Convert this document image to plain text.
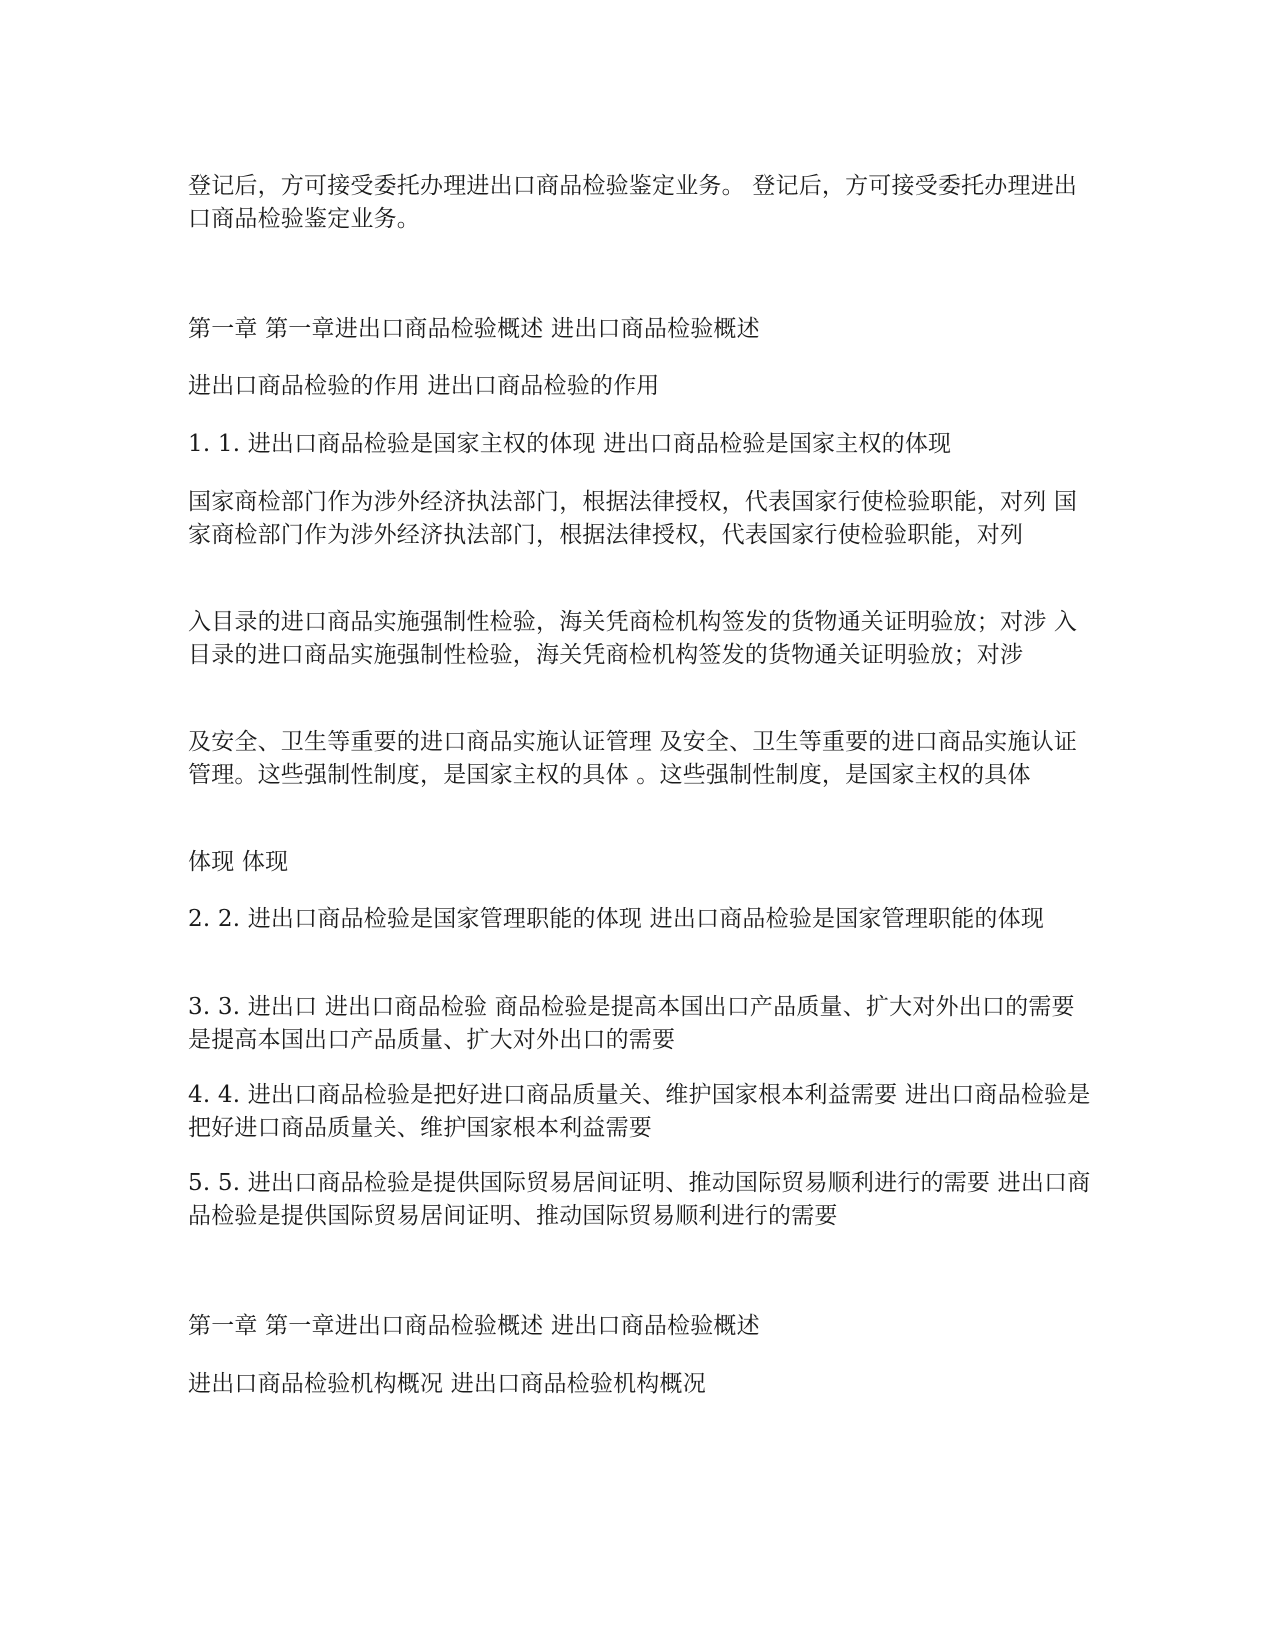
登记后，方可接受委托办理进出口商品检验鉴定业务。 登记后，方可接受委托办理进出口商品检验鉴定业务。

第一章 第一章进出口商品检验概述 进出口商品检验概述

进出口商品检验的作用 进出口商品检验的作用

1. 1. 进出口商品检验是国家主权的体现 进出口商品检验是国家主权的体现

国家商检部门作为涉外经济执法部门，根据法律授权，代表国家行使检验职能，对列 国家商检部门作为涉外经济执法部门，根据法律授权，代表国家行使检验职能，对列

入目录的进口商品实施强制性检验，海关凭商检机构签发的货物通关证明验放；对涉 入目录的进口商品实施强制性检验，海关凭商检机构签发的货物通关证明验放；对涉

及安全、卫生等重要的进口商品实施认证管理 及安全、卫生等重要的进口商品实施认证管理。这些强制性制度，是国家主权的具体 。这些强制性制度，是国家主权的具体

体现 体现

2. 2. 进出口商品检验是国家管理职能的体现 进出口商品检验是国家管理职能的体现

3. 3. 进出口 进出口商品检验 商品检验是提高本国出口产品质量、扩大对外出口的需要 是提高本国出口产品质量、扩大对外出口的需要

4. 4. 进出口商品检验是把好进口商品质量关、维护国家根本利益需要 进出口商品检验是把好进口商品质量关、维护国家根本利益需要

5. 5. 进出口商品检验是提供国际贸易居间证明、推动国际贸易顺利进行的需要 进出口商品检验是提供国际贸易居间证明、推动国际贸易顺利进行的需要

第一章 第一章进出口商品检验概述 进出口商品检验概述

进出口商品检验机构概况 进出口商品检验机构概况
